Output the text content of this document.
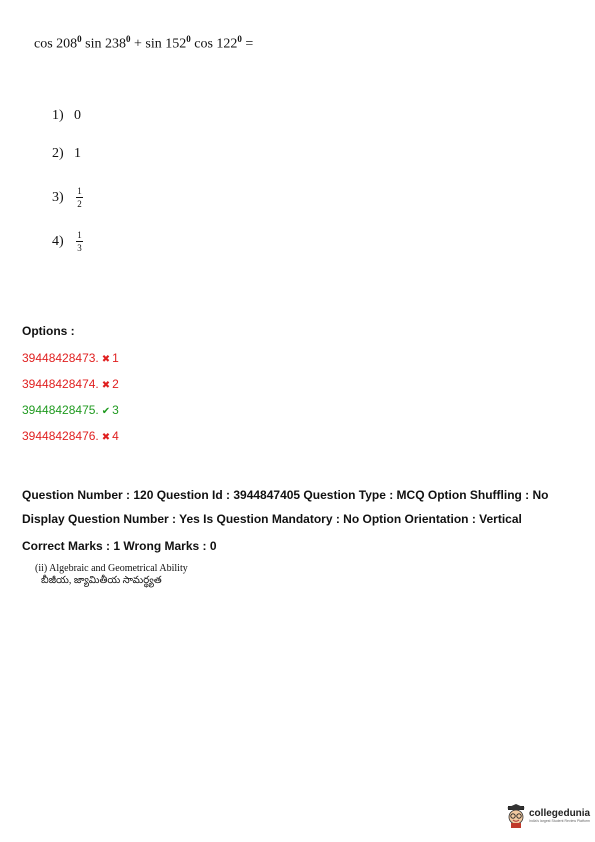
$\cos 208^0$ $\sin 238^0 + \sin 152^0$ $\cos 122^0$ =
1) 0
2) 1
$3) \frac{1}{2}$
$4) \frac{1}{3}$
Options :
39448428473. ✖ 1
39448428474. ✖ 2
39448428475. ✔ 3
39448428476. ✖ 4
Question Number : 120 Question Id : 3944847405 Question Type : MCQ Option Shuffling : No
Display Question Number : Yes Is Question Mandatory : No Option Orientation : Vertical
Correct Marks : 1 Wrong Marks : 0
(ii) Algebraic and Geometrical Ability
బీజీయ, జ్యామితీయ సామర్థ్యత
collegedunia
India's largest Student Review Platform
